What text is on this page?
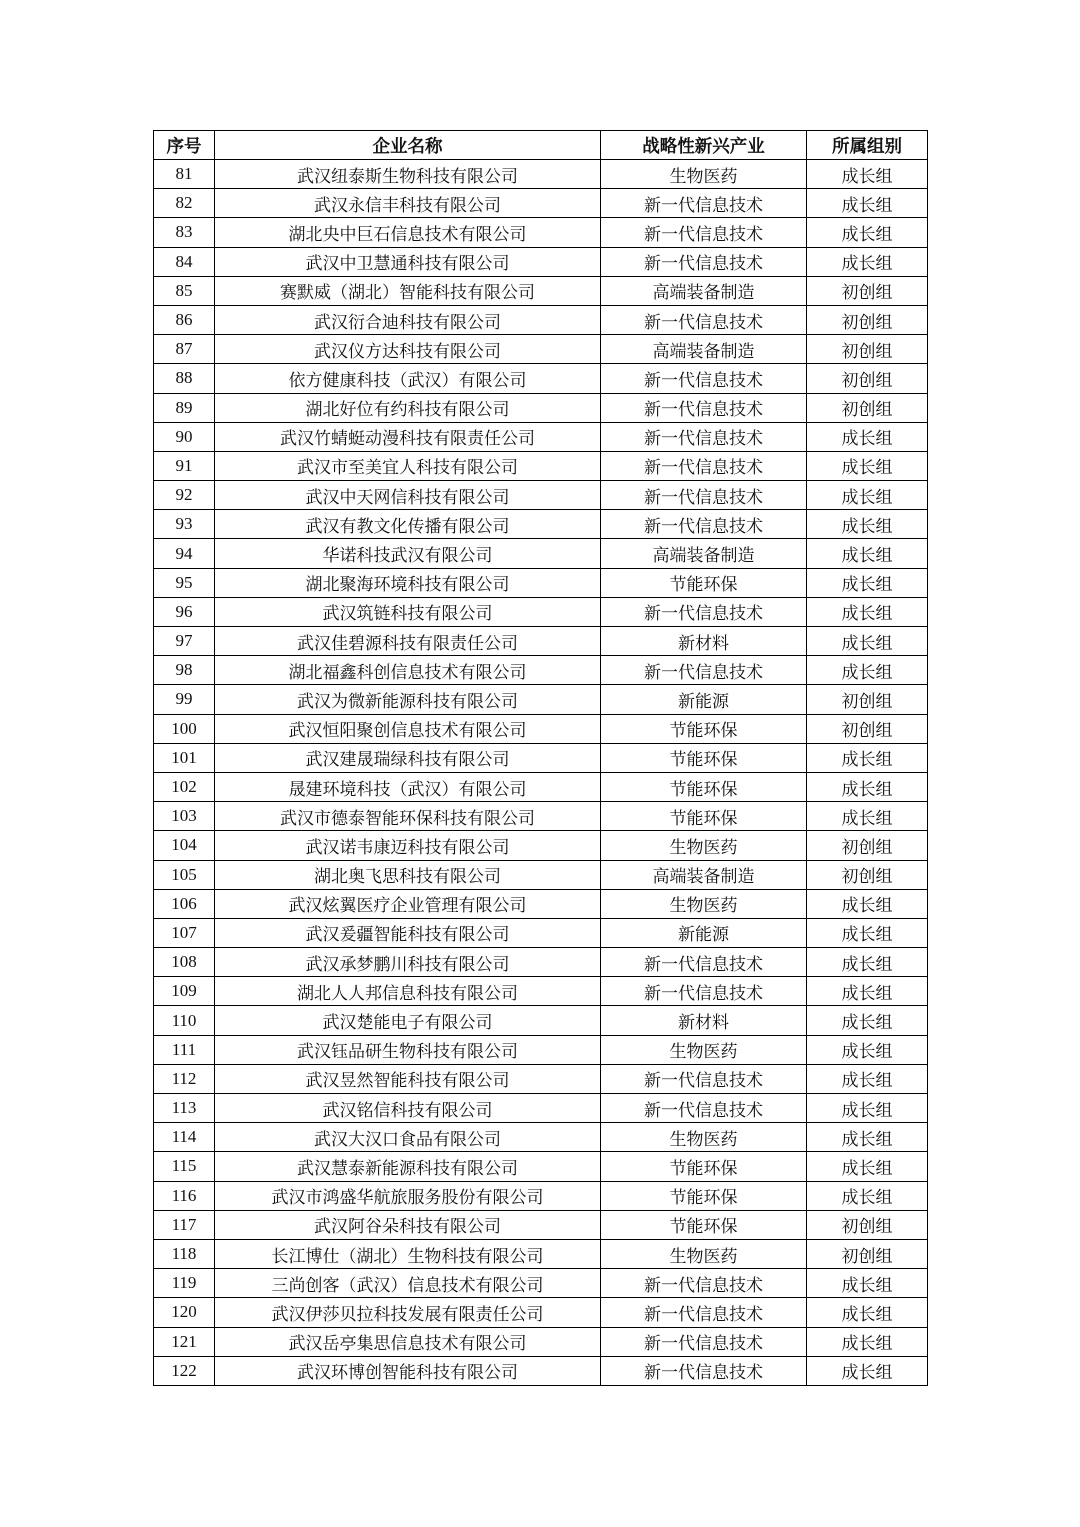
序号	企业名称	战略性新兴产业	所属组别
81	武汉纽泰斯生物科技有限公司	生物医药	成长组
82	武汉永信丰科技有限公司	新一代信息技术	成长组
83	湖北央中巨石信息技术有限公司	新一代信息技术	成长组
84	武汉中卫慧通科技有限公司	新一代信息技术	成长组
85	赛默威（湖北）智能科技有限公司	高端装备制造	初创组
86	武汉衍合迪科技有限公司	新一代信息技术	初创组
87	武汉仪方达科技有限公司	高端装备制造	初创组
88	依方健康科技（武汉）有限公司	新一代信息技术	初创组
89	湖北好位有约科技有限公司	新一代信息技术	初创组
90	武汉竹蜻蜓动漫科技有限责任公司	新一代信息技术	成长组
91	武汉市至美宜人科技有限公司	新一代信息技术	成长组
92	武汉中天网信科技有限公司	新一代信息技术	成长组
93	武汉有教文化传播有限公司	新一代信息技术	成长组
94	华诺科技武汉有限公司	高端装备制造	成长组
95	湖北聚海环境科技有限公司	节能环保	成长组
96	武汉筑链科技有限公司	新一代信息技术	成长组
97	武汉佳碧源科技有限责任公司	新材料	成长组
98	湖北福鑫科创信息技术有限公司	新一代信息技术	成长组
99	武汉为微新能源科技有限公司	新能源	初创组
100	武汉恒阳聚创信息技术有限公司	节能环保	初创组
101	武汉建晟瑞绿科技有限公司	节能环保	成长组
102	晟建环境科技（武汉）有限公司	节能环保	成长组
103	武汉市德泰智能环保科技有限公司	节能环保	成长组
104	武汉诺韦康迈科技有限公司	生物医药	初创组
105	湖北奥飞思科技有限公司	高端装备制造	初创组
106	武汉炫翼医疗企业管理有限公司	生物医药	成长组
107	武汉爰疆智能科技有限公司	新能源	成长组
108	武汉承梦鹏川科技有限公司	新一代信息技术	成长组
109	湖北人人邦信息科技有限公司	新一代信息技术	成长组
110	武汉楚能电子有限公司	新材料	成长组
111	武汉钰品研生物科技有限公司	生物医药	成长组
112	武汉昱然智能科技有限公司	新一代信息技术	成长组
113	武汉铭信科技有限公司	新一代信息技术	成长组
114	武汉大汉口食品有限公司	生物医药	成长组
115	武汉慧泰新能源科技有限公司	节能环保	成长组
116	武汉市鸿盛华航旅服务股份有限公司	节能环保	成长组
117	武汉阿谷朵科技有限公司	节能环保	初创组
118	长江博仕（湖北）生物科技有限公司	生物医药	初创组
119	三尚创客（武汉）信息技术有限公司	新一代信息技术	成长组
120	武汉伊莎贝拉科技发展有限责任公司	新一代信息技术	成长组
121	武汉岳亭集思信息技术有限公司	新一代信息技术	成长组
122	武汉环博创智能科技有限公司	新一代信息技术	成长组
